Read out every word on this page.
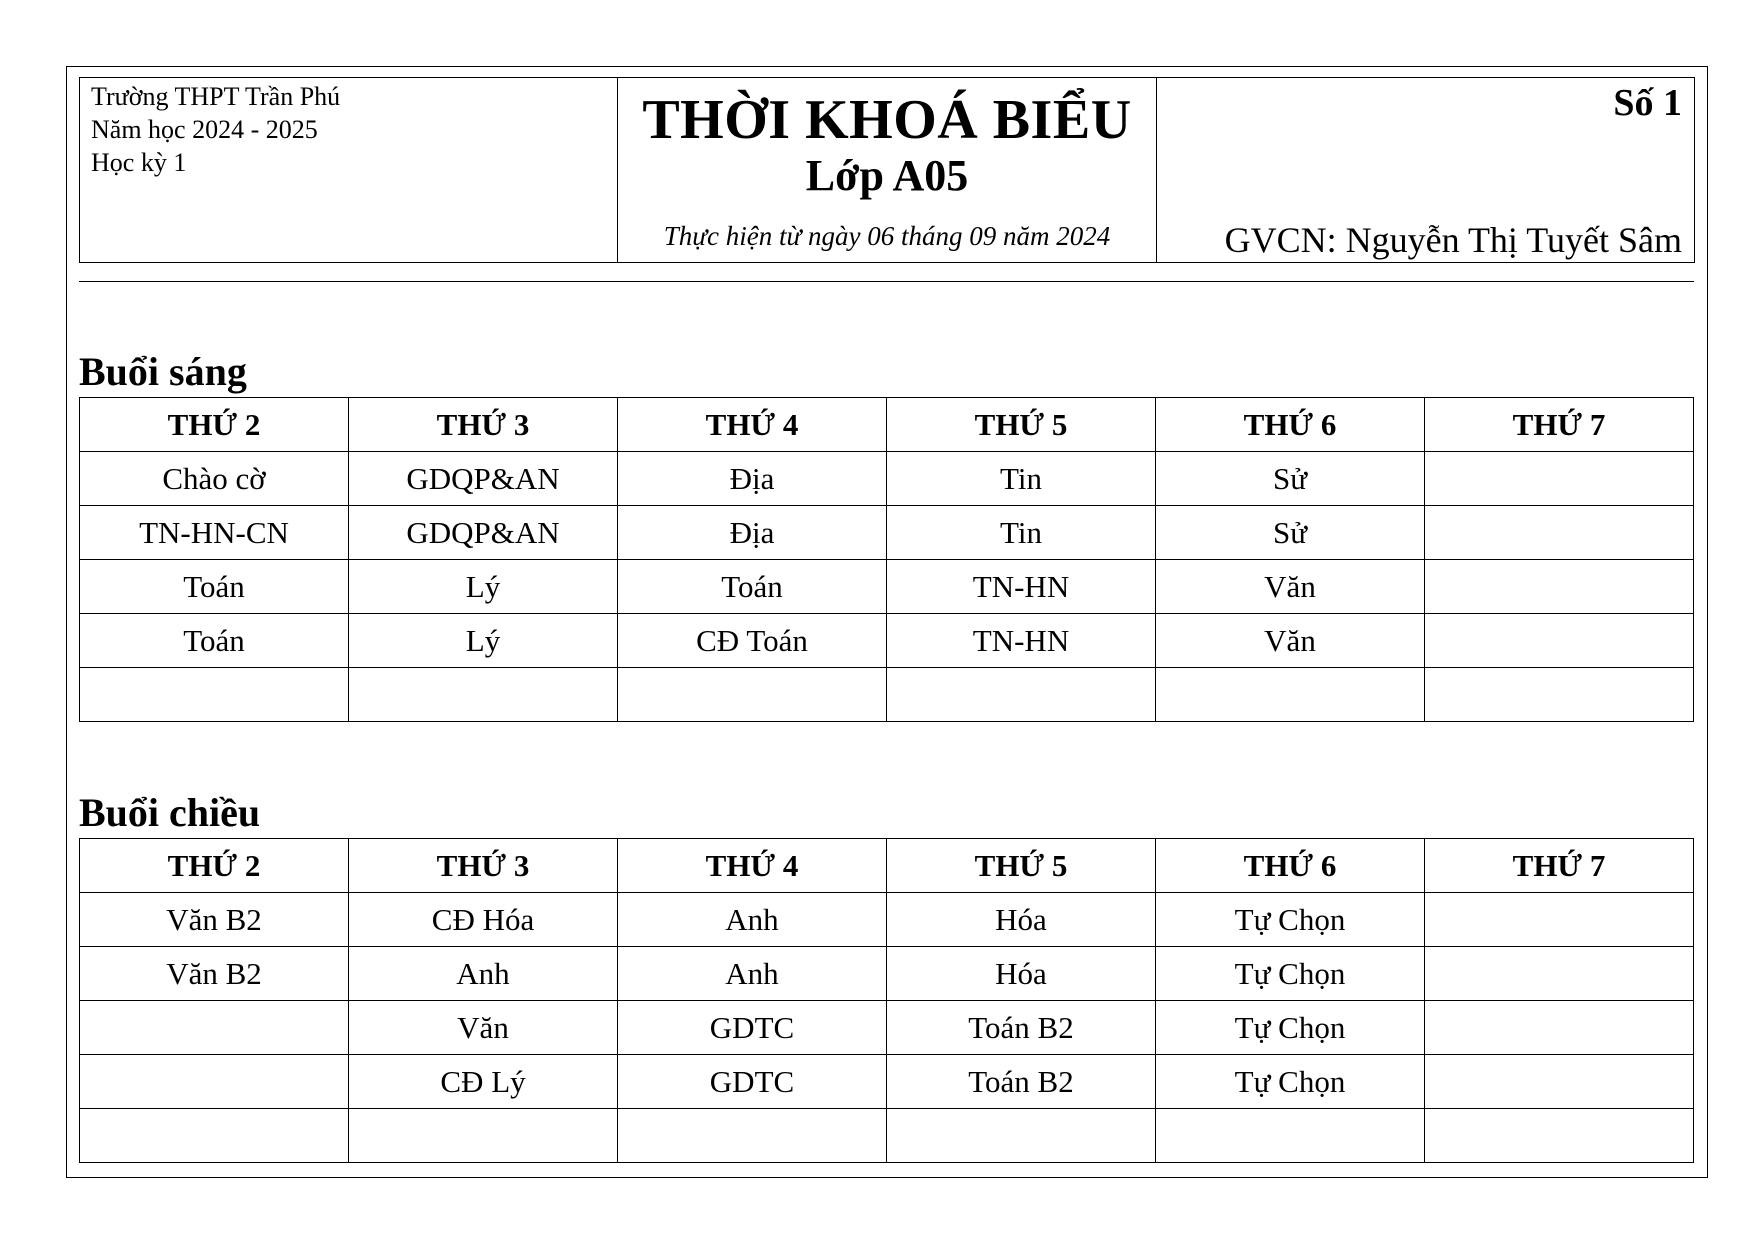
Trường THPT Trần Phú
Năm học 2024 - 2025
Học kỳ 1

THỜI KHOÁ BIỂU
Lớp A05
Thực hiện từ ngày 06 tháng 09 năm 2024

Số 1
GVCN: Nguyễn Thị Tuyết Sâm
Buổi sáng
THỨ 2	THỨ 3	THỨ 4	THỨ 5	THỨ 6	THỨ 7
Chào cờ	GDQP&AN	Địa	Tin	Sử	
TN-HN-CN	GDQP&AN	Địa	Tin	Sử	
Toán	Lý	Toán	TN-HN	Văn	
Toán	Lý	CĐ Toán	TN-HN	Văn	

Buổi chiều
THỨ 2	THỨ 3	THỨ 4	THỨ 5	THỨ 6	THỨ 7
Văn B2	CĐ Hóa	Anh	Hóa	Tự Chọn	
Văn B2	Anh	Anh	Hóa	Tự Chọn	
	Văn	GDTC	Toán B2	Tự Chọn	
	CĐ Lý	GDTC	Toán B2	Tự Chọn	
